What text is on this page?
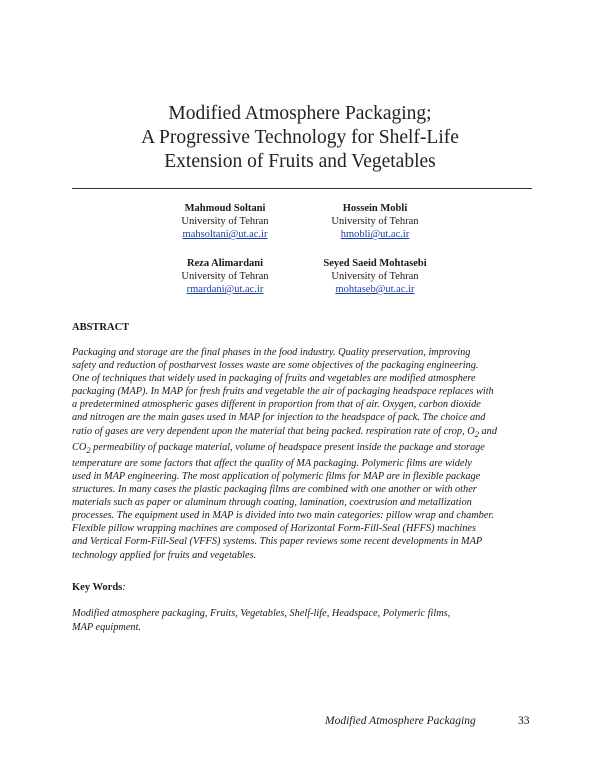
Modified Atmosphere Packaging;
A Progressive Technology for Shelf-Life
Extension of Fruits and Vegetables
Mahmoud Soltani
University of Tehran
mahsoltani@ut.ac.ir
Hossein Mobli
University of Tehran
hmobli@ut.ac.ir
Reza Alimardani
University of Tehran
rmardani@ut.ac.ir
Seyed Saeid Mohtasebi
University of Tehran
mohtaseb@ut.ac.ir
ABSTRACT
Packaging and storage are the final phases in the food industry. Quality preservation, improving
safety and reduction of postharvest losses waste are some objectives of the packaging engineering.
One of techniques that widely used in packaging of fruits and vegetables are modified atmosphere
packaging (MAP). In MAP for fresh fruits and vegetable the air of packaging headspace replaces with
a predetermined atmospheric gases different in proportion from that of air. Oxygen, carbon dioxide
and nitrogen are the main gases used in MAP for injection to the headspace of pack. The choice and
ratio of gases are very dependent upon the material that being packed. respiration rate of crop, $O_2$ and
$CO_2$ permeability of package material, volume of headspace present inside the package and storage
temperature are some factors that affect the quality of MA packaging. Polymeric films are widely
used in MAP engineering. The most application of polymeric films for MAP are in flexible package
structures. In many cases the plastic packaging films are combined with one another or with other
materials such as paper or aluminum through coating, lamination, coextrusion and metallization
processes. The equipment used in MAP is divided into two main categories: pillow wrap and chamber.
Flexible pillow wrapping machines are composed of Horizontal Form-Fill-Seal (HFFS) machines
and Vertical Form-Fill-Seal (VFFS) systems. This paper reviews some recent developments in MAP
technology applied for fruits and vegetables.
Key Words:
Modified atmosphere packaging, Fruits, Vegetables, Shelf-life, Headspace, Polymeric films,
MAP equipment.
Modified Atmosphere Packaging	33
